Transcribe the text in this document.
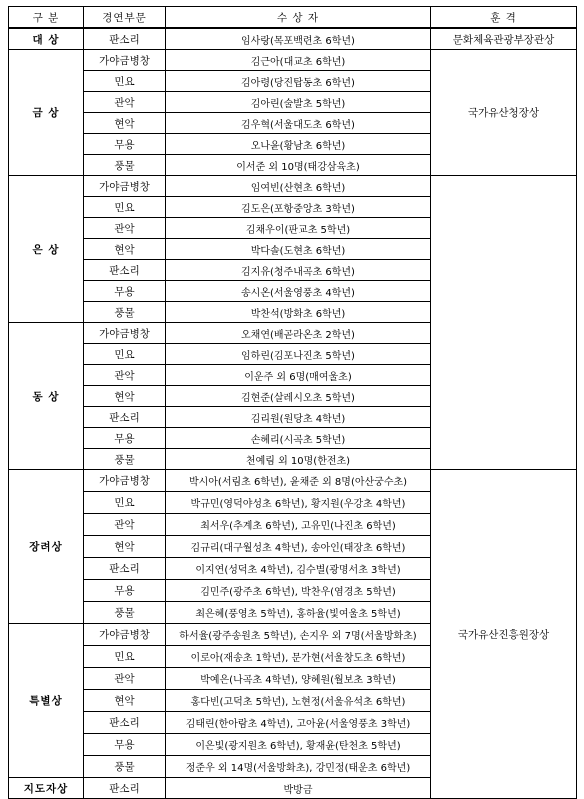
구 분	경연부문	수 상 자	훈 격
대 상	판소리	임사랑(목포백련초 6학년)	문화체육관광부장관상
금 상	가야금병창	김근아(대교초 6학년)	국가유산청장상
	민요	김아령(당진탑동초 6학년)	
	관악	김아린(술발초 5학년)	
	현악	김우혁(서울대도초 6학년)	
	무용	오나윤(황남초 6학년)	
	풍물	이서준 외 10명(태강삼육초)	
은 상	가야금병창	임여빈(산현초 6학년)	
	민요	김도은(포항중앙초 3학년)	
	관악	김채우이(판교초 5학년)	
	현악	박다솔(도현초 6학년)	
	판소리	김지유(청주내곡초 6학년)	
	무용	송시온(서울영풍초 4학년)	
	풍물	박찬석(방화초 6학년)	
동 상	가야금병창	오채연(배곧라온초 2학년)	
	민요	임하린(김포나진초 5학년)	
	관악	이운주 외 6명(매여울초)	
	현악	김현준(살레시오초 5학년)	
	판소리	김리원(원당초 4학년)	
	무용	손혜리(시곡초 5학년)	
	풍물	천예림 외 10명(한전초)	
장려상	가야금병창	박시아(서림초 6학년), 윤채준 외 8명(아산궁수초)	국가유산진흥원장상
	민요	박규민(영덕야성초 6학년), 황지원(우강초 4학년)	
	관악	최서우(추계초 6학년), 고유민(나진초 6학년)	
	현악	김규리(대구월성초 4학년), 송아인(태장초 6학년)	
	판소리	이지연(성덕초 4학년), 김수별(광명서초 3학년)	
	무용	김민주(광주초 6학년), 박찬우(염경초 5학년)	
	풍물	최은혜(풍영초 5학년), 홍하율(빛여울초 5학년)	
특별상	가야금병창	하서율(광주송원초 5학년), 손지우 외 7명(서울방화초)	
	민요	이로아(재송초 1학년), 문가현(서울창도초 6학년)	
	관악	박예은(나곡초 4학년), 양혜원(월보초 3학년)	
	현악	홍다빈(고덕초 5학년), 노현정(서울유석초 6학년)	
	판소리	김태린(한아람초 4학년), 고아윤(서울영풍초 3학년)	
	무용	이은빛(광지원초 6학년), 황재윤(탄천초 5학년)	
	풍물	정준우 외 14명(서울방화초), 강민정(태운초 6학년)	
지도자상	판소리	박방금	
